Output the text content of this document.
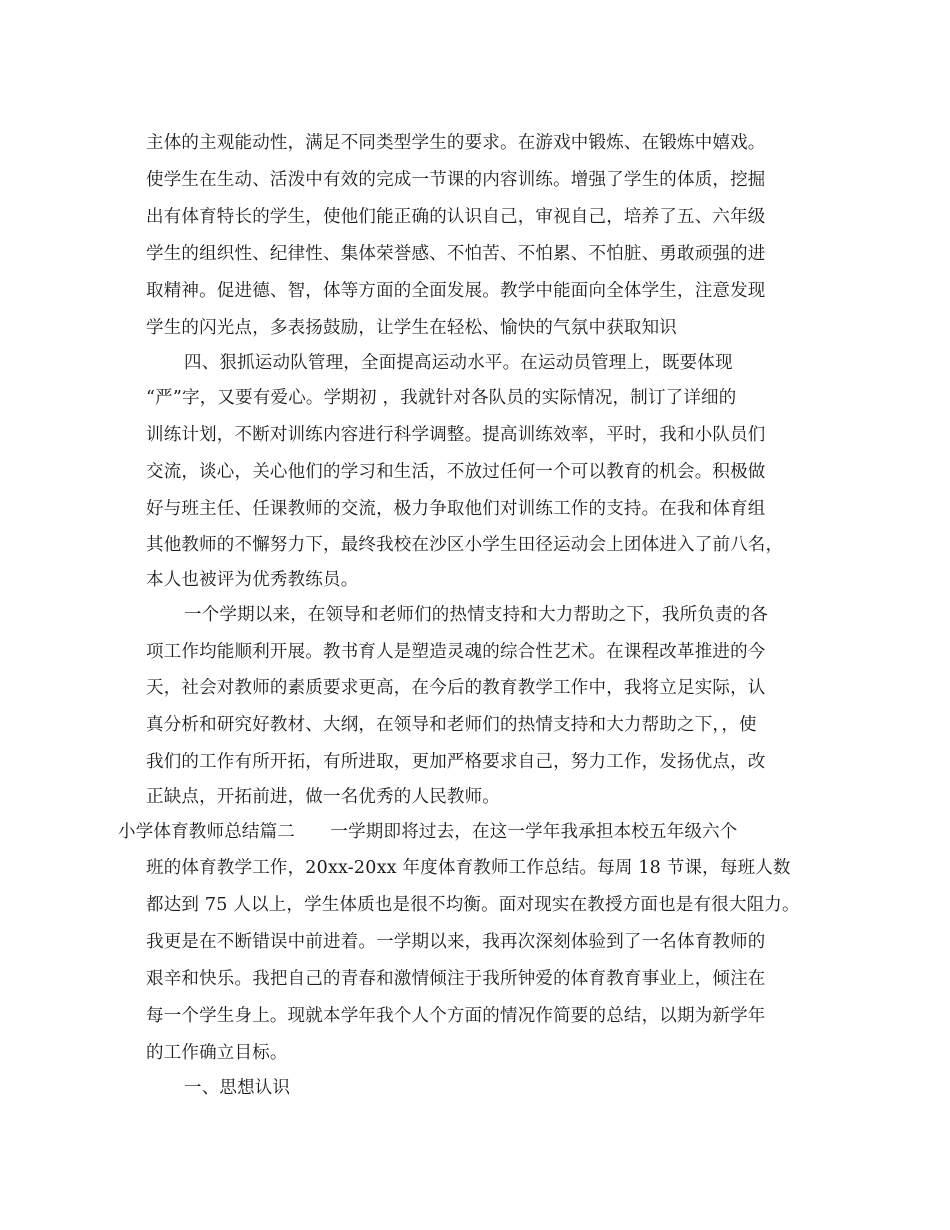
主体的主观能动性，满足不同类型学生的要求。在游戏中锻炼、在锻炼中嬉戏。
使学生在生动、活泼中有效的完成一节课的内容训练。增强了学生的体质，挖掘
出有体育特长的学生，使他们能正确的认识自己，审视自己，培养了五、六年级
学生的组织性、纪律性、集体荣誉感、不怕苦、不怕累、不怕脏、勇敢顽强的进
取精神。促进德、智，体等方面的全面发展。教学中能面向全体学生，注意发现
学生的闪光点，多表扬鼓励，让学生在轻松、愉快的气氛中获取知识
四、狠抓运动队管理，全面提高运动水平。在运动员管理上，既要体现
“严”字，又要有爱心。学期初 ，我就针对各队员的实际情况，制订了详细的
训练计划，不断对训练内容进行科学调整。提高训练效率，平时，我和小队员们
交流，谈心，关心他们的学习和生活，不放过任何一个可以教育的机会。积极做
好与班主任、任课教师的交流，极力争取他们对训练工作的支持。在我和体育组
其他教师的不懈努力下，最终我校在沙区小学生田径运动会上团体进入了前八名，
本人也被评为优秀教练员。
一个学期以来，在领导和老师们的热情支持和大力帮助之下，我所负责的各
项工作均能顺利开展。教书育人是塑造灵魂的综合性艺术。在课程改革推进的今
天，社会对教师的素质要求更高，在今后的教育教学工作中，我将立足实际，认
真分析和研究好教材、大纲，在领导和老师们的热情支持和大力帮助之下，，使
我们的工作有所开拓，有所进取，更加严格要求自己，努力工作，发扬优点，改
正缺点，开拓前进，做一名优秀的人民教师。
小学体育教师总结篇二　　一学期即将过去，在这一学年我承担本校五年级六个
班的体育教学工作，20xx-20xx 年度体育教师工作总结。每周 18 节课，每班人数
都达到 75 人以上，学生体质也是很不均衡。面对现实在教授方面也是有很大阻力。
我更是在不断错误中前进着。一学期以来，我再次深刻体验到了一名体育教师的
艰辛和快乐。我把自己的青春和激情倾注于我所钟爱的体育教育事业上，倾注在
每一个学生身上。现就本学年我个人个方面的情况作简要的总结，以期为新学年
的工作确立目标。
一、思想认识
